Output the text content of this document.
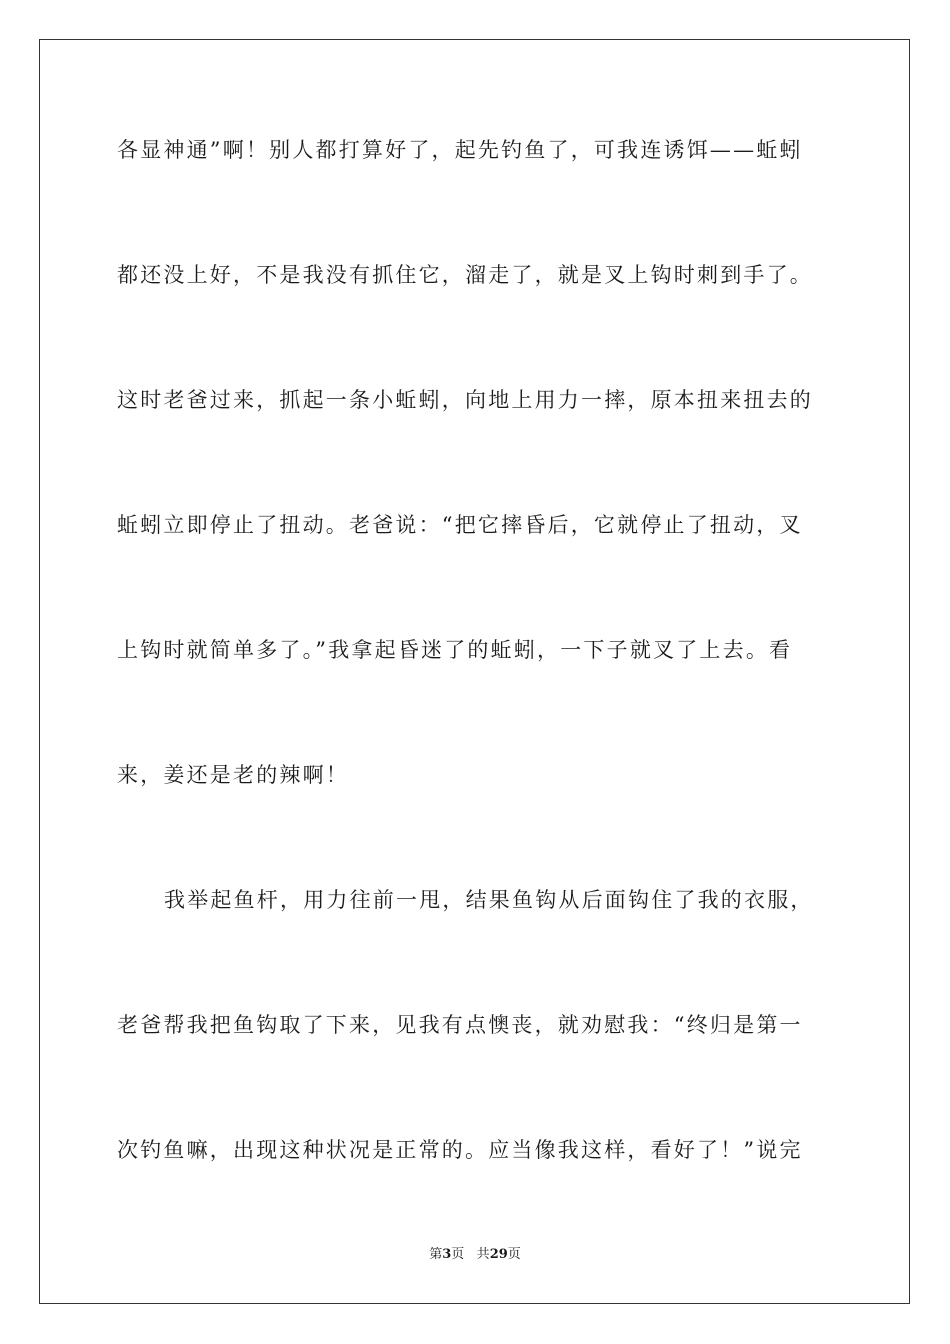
各显神通”啊！别人都打算好了，起先钓鱼了，可我连诱饵——蚯蚓
都还没上好，不是我没有抓住它，溜走了，就是叉上钩时刺到手了。
这时老爸过来，抓起一条小蚯蚓，向地上用力一摔，原本扭来扭去的
蚯蚓立即停止了扭动。老爸说：“把它摔昏后，它就停止了扭动，叉
上钩时就简单多了。”我拿起昏迷了的蚯蚓，一下子就叉了上去。看
来，姜还是老的辣啊！
我举起鱼杆，用力往前一甩，结果鱼钩从后面钩住了我的衣服，
老爸帮我把鱼钩取了下来，见我有点懊丧，就劝慰我：“终归是第一
次钓鱼嘛，出现这种状况是正常的。应当像我这样，看好了！”说完
第3页 共29页
